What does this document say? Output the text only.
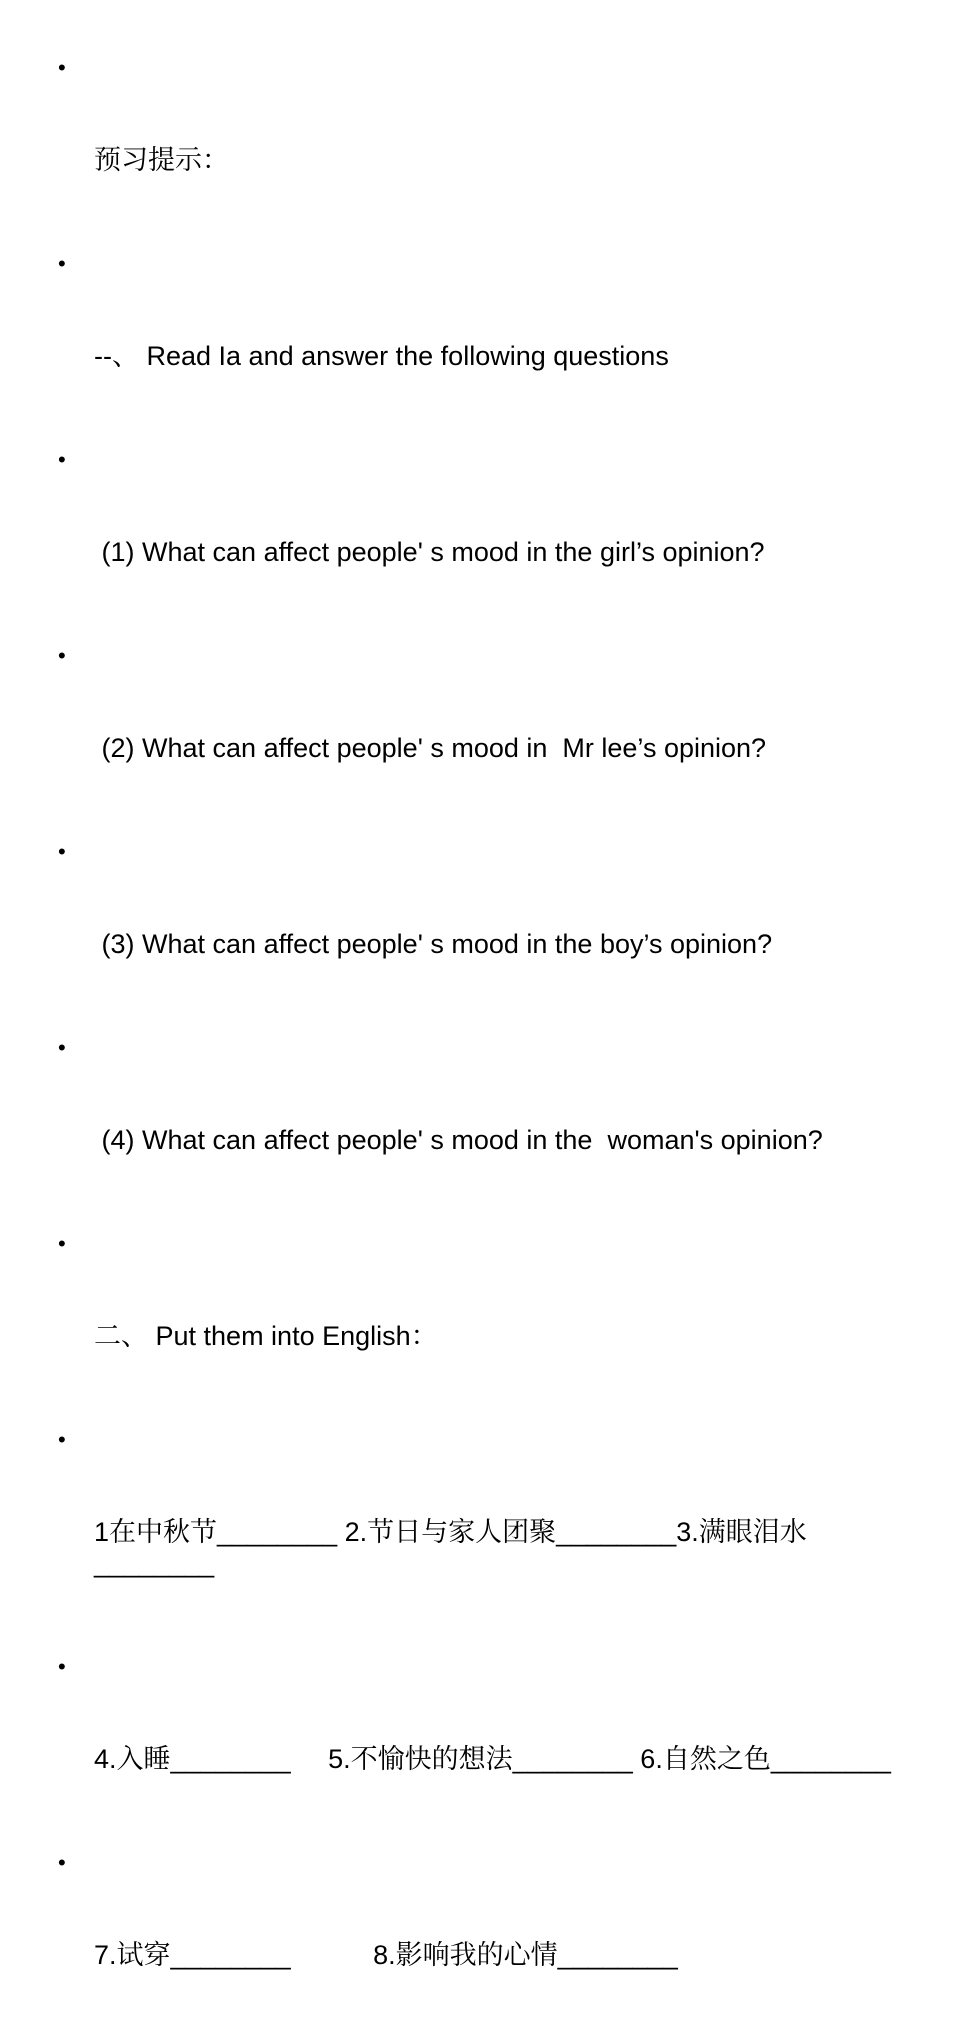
•

预习提示：

•

--、 Read Ia and answer the following questions

•

(1) What can affect people' s mood in the girl’s opinion?

•

(2) What can affect people' s mood in  Mr lee’s opinion?

•

(3) What can affect people' s mood in the boy’s opinion?

•

(4) What can affect people' s mood in the  woman's opinion?

•

二、 Put them into English：

•

1在中秋节________ 2.节日与家人团聚________3.满眼泪水________

•

4.入睡________     5.不愉快的想法________ 6.自然之色________

•

7.试穿________           8.影响我的心情________
